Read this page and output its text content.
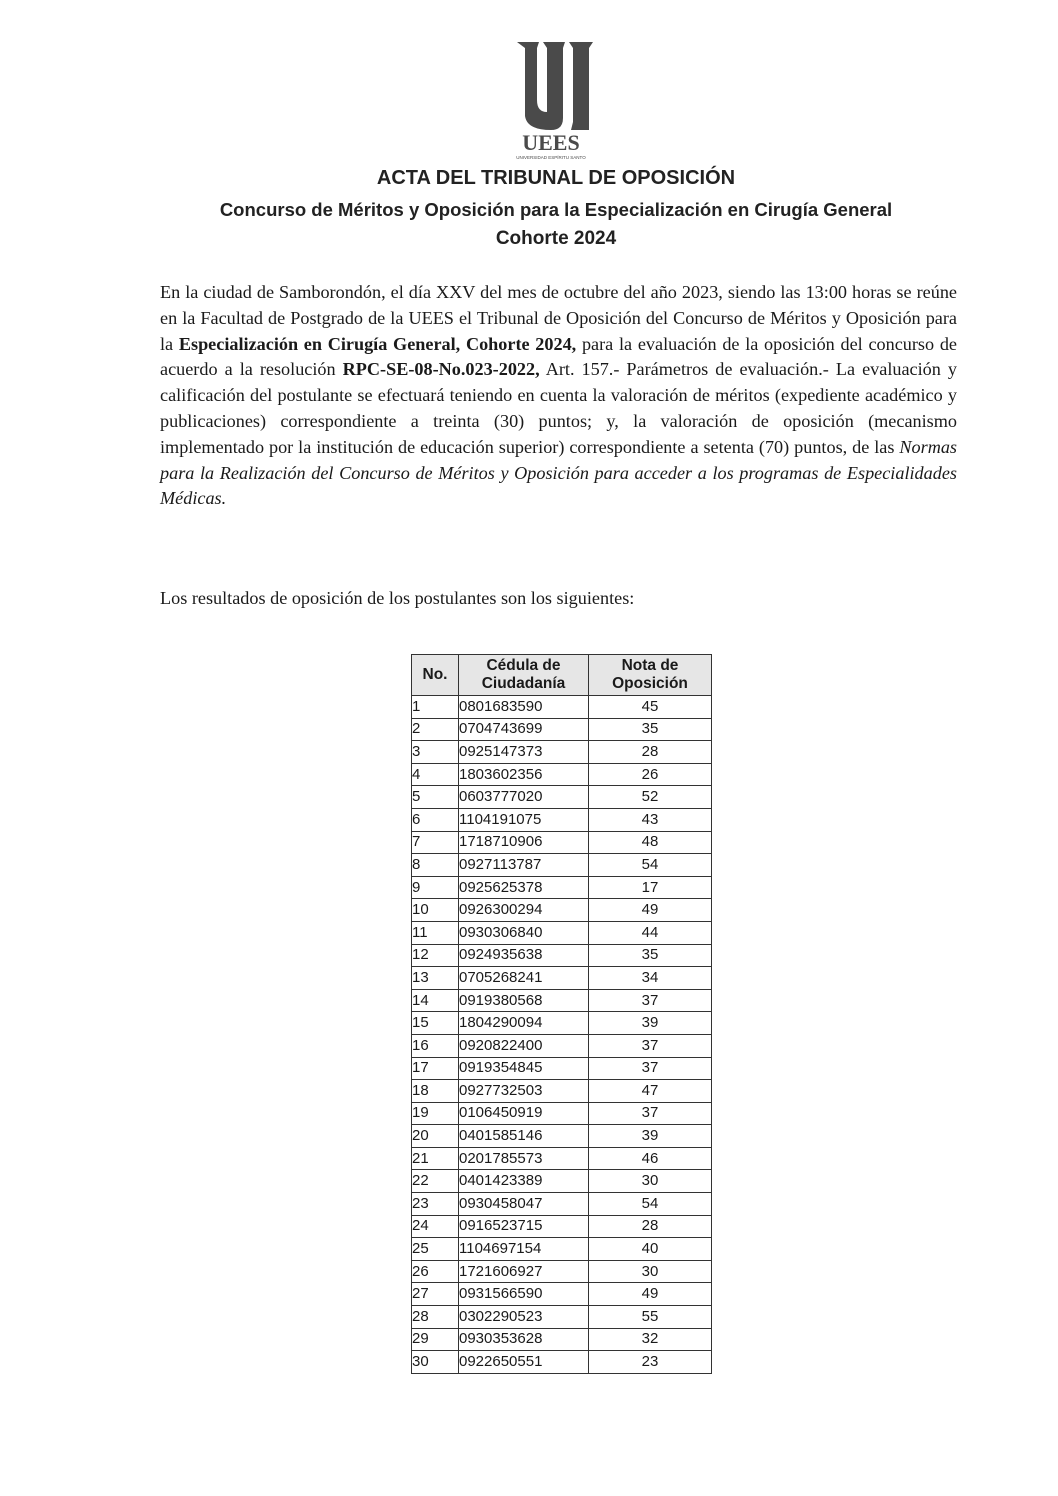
UEES
UNIVERSIDAD ESPÍRITU SANTO
ACTA DEL TRIBUNAL DE OPOSICIÓN
Concurso de Méritos y Oposición para la Especialización en Cirugía General
Cohorte 2024

En la ciudad de Samborondón, el día XXV del mes de octubre del año 2023, siendo las 13:00 horas se reúne en la Facultad de Postgrado de la UEES el Tribunal de Oposición del Concurso de Méritos y Oposición para la Especialización en Cirugía General, Cohorte 2024, para la evaluación de la oposición del concurso de acuerdo a la resolución RPC-SE-08-No.023-2022, Art. 157.- Parámetros de evaluación.- La evaluación y calificación del postulante se efectuará teniendo en cuenta la valoración de méritos (expediente académico y publicaciones) correspondiente a treinta (30) puntos; y, la valoración de oposición (mecanismo implementado por la institución de educación superior) correspondiente a setenta (70) puntos, de las Normas para la Realización del Concurso de Méritos y Oposición para acceder a los programas de Especialidades Médicas.

Los resultados de oposición de los postulantes son los siguientes:

No.	Cédula de Ciudadanía	Nota de Oposición
1	0801683590	45
2	0704743699	35
3	0925147373	28
4	1803602356	26
5	0603777020	52
6	1104191075	43
7	1718710906	48
8	0927113787	54
9	0925625378	17
10	0926300294	49
11	0930306840	44
12	0924935638	35
13	0705268241	34
14	0919380568	37
15	1804290094	39
16	0920822400	37
17	0919354845	37
18	0927732503	47
19	0106450919	37
20	0401585146	39
21	0201785573	46
22	0401423389	30
23	0930458047	54
24	0916523715	28
25	1104697154	40
26	1721606927	30
27	0931566590	49
28	0302290523	55
29	0930353628	32
30	0922650551	23
